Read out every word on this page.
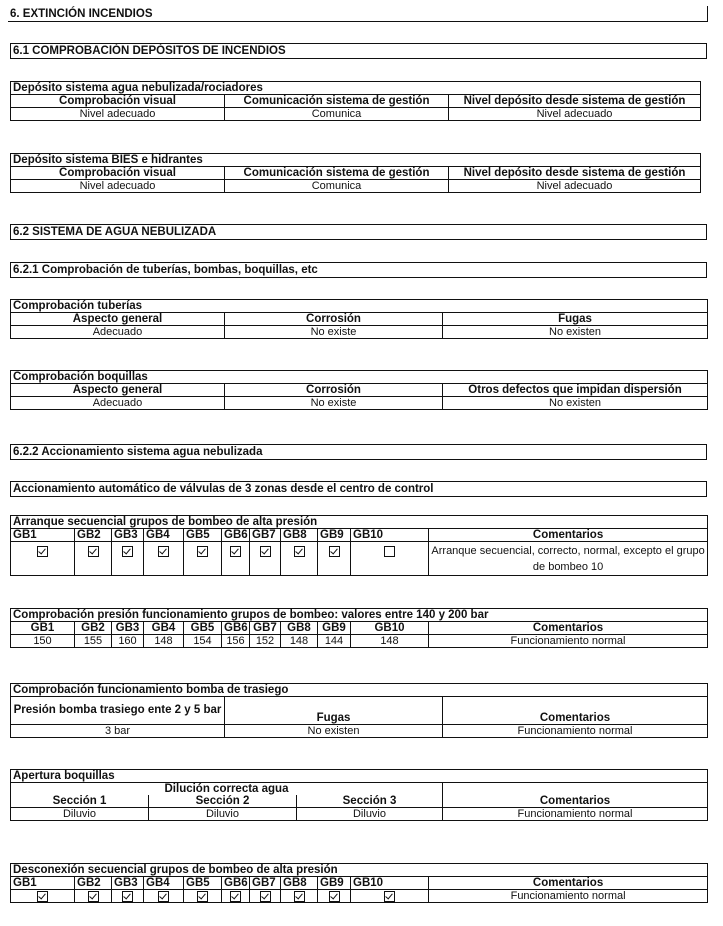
6. EXTINCIÓN INCENDIOS
6.1 COMPROBACIÓN DEPÓSITOS DE INCENDIOS
Depósito sistema agua nebulizada/rociadores		
Comprobación visual	Comunicación sistema de gestión	Nivel depósito desde sistema de gestión
Nivel adecuado	Comunica	Nivel adecuado
Depósito sistema BIES e hidrantes		
Comprobación visual	Comunicación sistema de gestión	Nivel depósito desde sistema de gestión
Nivel adecuado	Comunica	Nivel adecuado
6.2 SISTEMA DE AGUA NEBULIZADA
6.2.1 Comprobación de tuberías, bombas, boquillas, etc
Comprobación tuberías		
Aspecto general	Corrosión	Fugas
Adecuado	No existe	No existen
Comprobación boquillas		
Aspecto general	Corrosión	Otros defectos que impidan dispersión
Adecuado	No existe	No existen
6.2.2 Accionamiento sistema agua nebulizada
Accionamiento automático de válvulas de 3 zonas desde el centro de control
Arranque secuencial grupos de bombeo de alta presión										
GB1	GB2	GB3	GB4	GB5	GB6	GB7	GB8	GB9	GB10	Comentarios
										Arranque secuencial, correcto, normal, excepto el grupo de bombeo 10
Comprobación presión funcionamiento grupos de bombeo: valores entre 140 y 200 bar										
GB1	GB2	GB3	GB4	GB5	GB6	GB7	GB8	GB9	GB10	Comentarios
150	155	160	148	154	156	152	148	144	148	Funcionamiento normal
Comprobación funcionamiento bomba de trasiego		
Presión bomba trasiego ente 2 y 5 bar	Fugas	Comentarios
3 bar	No existen	Funcionamiento normal
Apertura boquillas			
Dilución correcta agua			Comentarios
Sección 1	Sección 2	Sección 3	
Diluvio	Diluvio	Diluvio	Funcionamiento normal
Desconexión secuencial grupos de bombeo de alta presión										
GB1	GB2	GB3	GB4	GB5	GB6	GB7	GB8	GB9	GB10	Comentarios
										Funcionamiento normal
